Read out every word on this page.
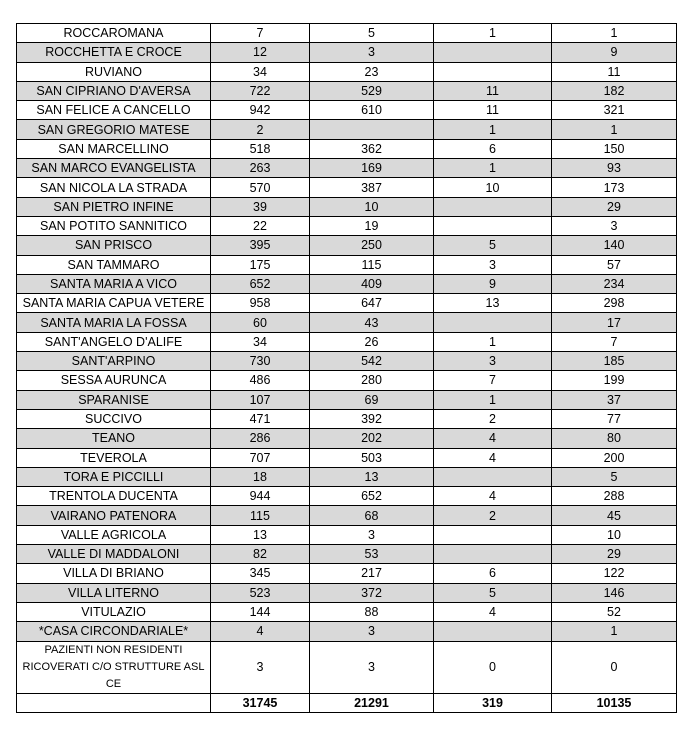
ROCCAROMANA	7	5	1	1
ROCCHETTA E CROCE	12	3		9
RUVIANO	34	23		11
SAN CIPRIANO D'AVERSA	722	529	11	182
SAN FELICE A CANCELLO	942	610	11	321
SAN GREGORIO MATESE	2		1	1
SAN MARCELLINO	518	362	6	150
SAN MARCO EVANGELISTA	263	169	1	93
SAN NICOLA LA STRADA	570	387	10	173
SAN PIETRO INFINE	39	10		29
SAN POTITO SANNITICO	22	19		3
SAN PRISCO	395	250	5	140
SAN TAMMARO	175	115	3	57
SANTA MARIA A VICO	652	409	9	234
SANTA MARIA CAPUA VETERE	958	647	13	298
SANTA MARIA LA FOSSA	60	43		17
SANT'ANGELO D'ALIFE	34	26	1	7
SANT'ARPINO	730	542	3	185
SESSA AURUNCA	486	280	7	199
SPARANISE	107	69	1	37
SUCCIVO	471	392	2	77
TEANO	286	202	4	80
TEVEROLA	707	503	4	200
TORA E PICCILLI	18	13		5
TRENTOLA DUCENTA	944	652	4	288
VAIRANO PATENORA	115	68	2	45
VALLE AGRICOLA	13	3		10
VALLE DI MADDALONI	82	53		29
VILLA DI BRIANO	345	217	6	122
VILLA LITERNO	523	372	5	146
VITULAZIO	144	88	4	52
*CASA CIRCONDARIALE*	4	3		1
PAZIENTI NON RESIDENTI RICOVERATI C/O STRUTTURE ASL CE	3	3	0	0
	31745	21291	319	10135
